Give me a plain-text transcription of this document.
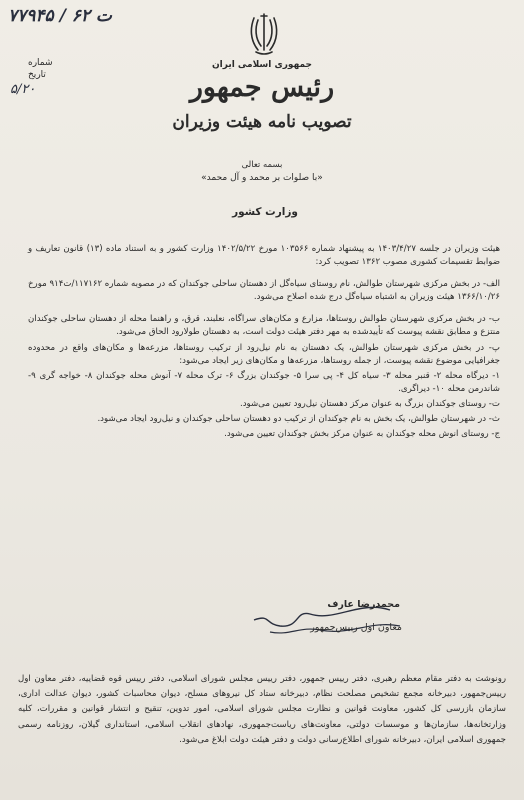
جمهوری اسلامی ایران
رئیس جمهور
تصویب نامه هیئت وزیران
۷۷۹۴۵ / ت ۶۲
شماره
تاریخ
۵/۲۰
بسمه تعالی
«با صلوات بر محمد و آل محمد»
وزارت کشور

هیئت وزیران در جلسه ۱۴۰۳/۴/۲۷ به پیشنهاد شماره ۱۰۳۵۶۶ مورخ ۱۴۰۲/۵/۲۲ وزارت کشور و به استناد ماده (۱۳) قانون تعاریف و ضوابط تقسیمات کشوری مصوب ۱۳۶۲ تصویب کرد:

الف- در بخش مرکزی شهرستان طوالش، نام روستای سیاه‌گل از دهستان ساحلی جوکندان که در مصوبه شماره ۱۱۷۱۶۲/ت۹۱۴ مورخ ۱۳۶۶/۱۰/۲۶ هیئت وزیران به اشتباه سیاه‌گل درج شده اصلاح می‌شود.

ب- در بخش مرکزی شهرستان طوالش روستاها، مزارع و مکان‌های سراگاه، نعلبند، قرق، و راهنما محله از دهستان ساحلی جوکندان منتزع و مطابق نقشه پیوست که تأییدشده به مهر دفتر هیئت دولت است، به دهستان طولارود الحاق می‌شود.

پ- در بخش مرکزی شهرستان طوالش، یک دهستان به نام نیل‌رود از ترکیب روستاها، مزرعه‌ها و مکان‌های واقع در محدوده جغرافیایی موضوع نقشه پیوست، از جمله روستاها، مزرعه‌ها و مکان‌های زیر ایجاد می‌شود:

۱- دیرگاه محله ۲- قنبر محله ۳- سیاه کل ۴- پی سرا ۵- جوکندان بزرگ ۶- ترک محله ۷- آنوش محله جوکندان ۸- خواجه گری ۹- شاندرمن محله ۱۰- دیراگری.

ت- روستای جوکندان بزرگ به عنوان مرکز دهستان نیل‌رود تعیین می‌شود.

ث- در شهرستان طوالش، یک بخش به نام جوکندان از ترکیب دو دهستان ساحلی جوکندان و نیل‌رود ایجاد می‌شود.

ج- روستای انوش محله جوکندان به عنوان مرکز بخش جوکندان تعیین می‌شود.

محمدرضا عارف
معاون اول رییس‌جمهور
رونوشت به دفتر مقام معظم رهبری، دفتر رییس جمهور، دفتر رییس مجلس شورای اسلامی، دفتر رییس قوه قضاییه، دفتر معاون اول رییس‌جمهور، دبیرخانه مجمع تشخیص مصلحت نظام، دبیرخانه ستاد کل نیروهای مسلح، دیوان محاسبات کشور، دیوان عدالت اداری، سازمان بازرسی کل کشور، معاونت قوانین و نظارت مجلس شورای اسلامی، امور تدوین، تنقیح و انتشار قوانین و مقررات، کلیه وزارتخانه‌ها، سازمان‌ها و موسسات دولتی، معاونت‌های ریاست‌جمهوری، نهادهای انقلاب اسلامی، استانداری گیلان، روزنامه رسمی جمهوری اسلامی ایران، دبیرخانه شورای اطلاع‌رسانی دولت و دفتر هیئت دولت ابلاغ می‌شود.
